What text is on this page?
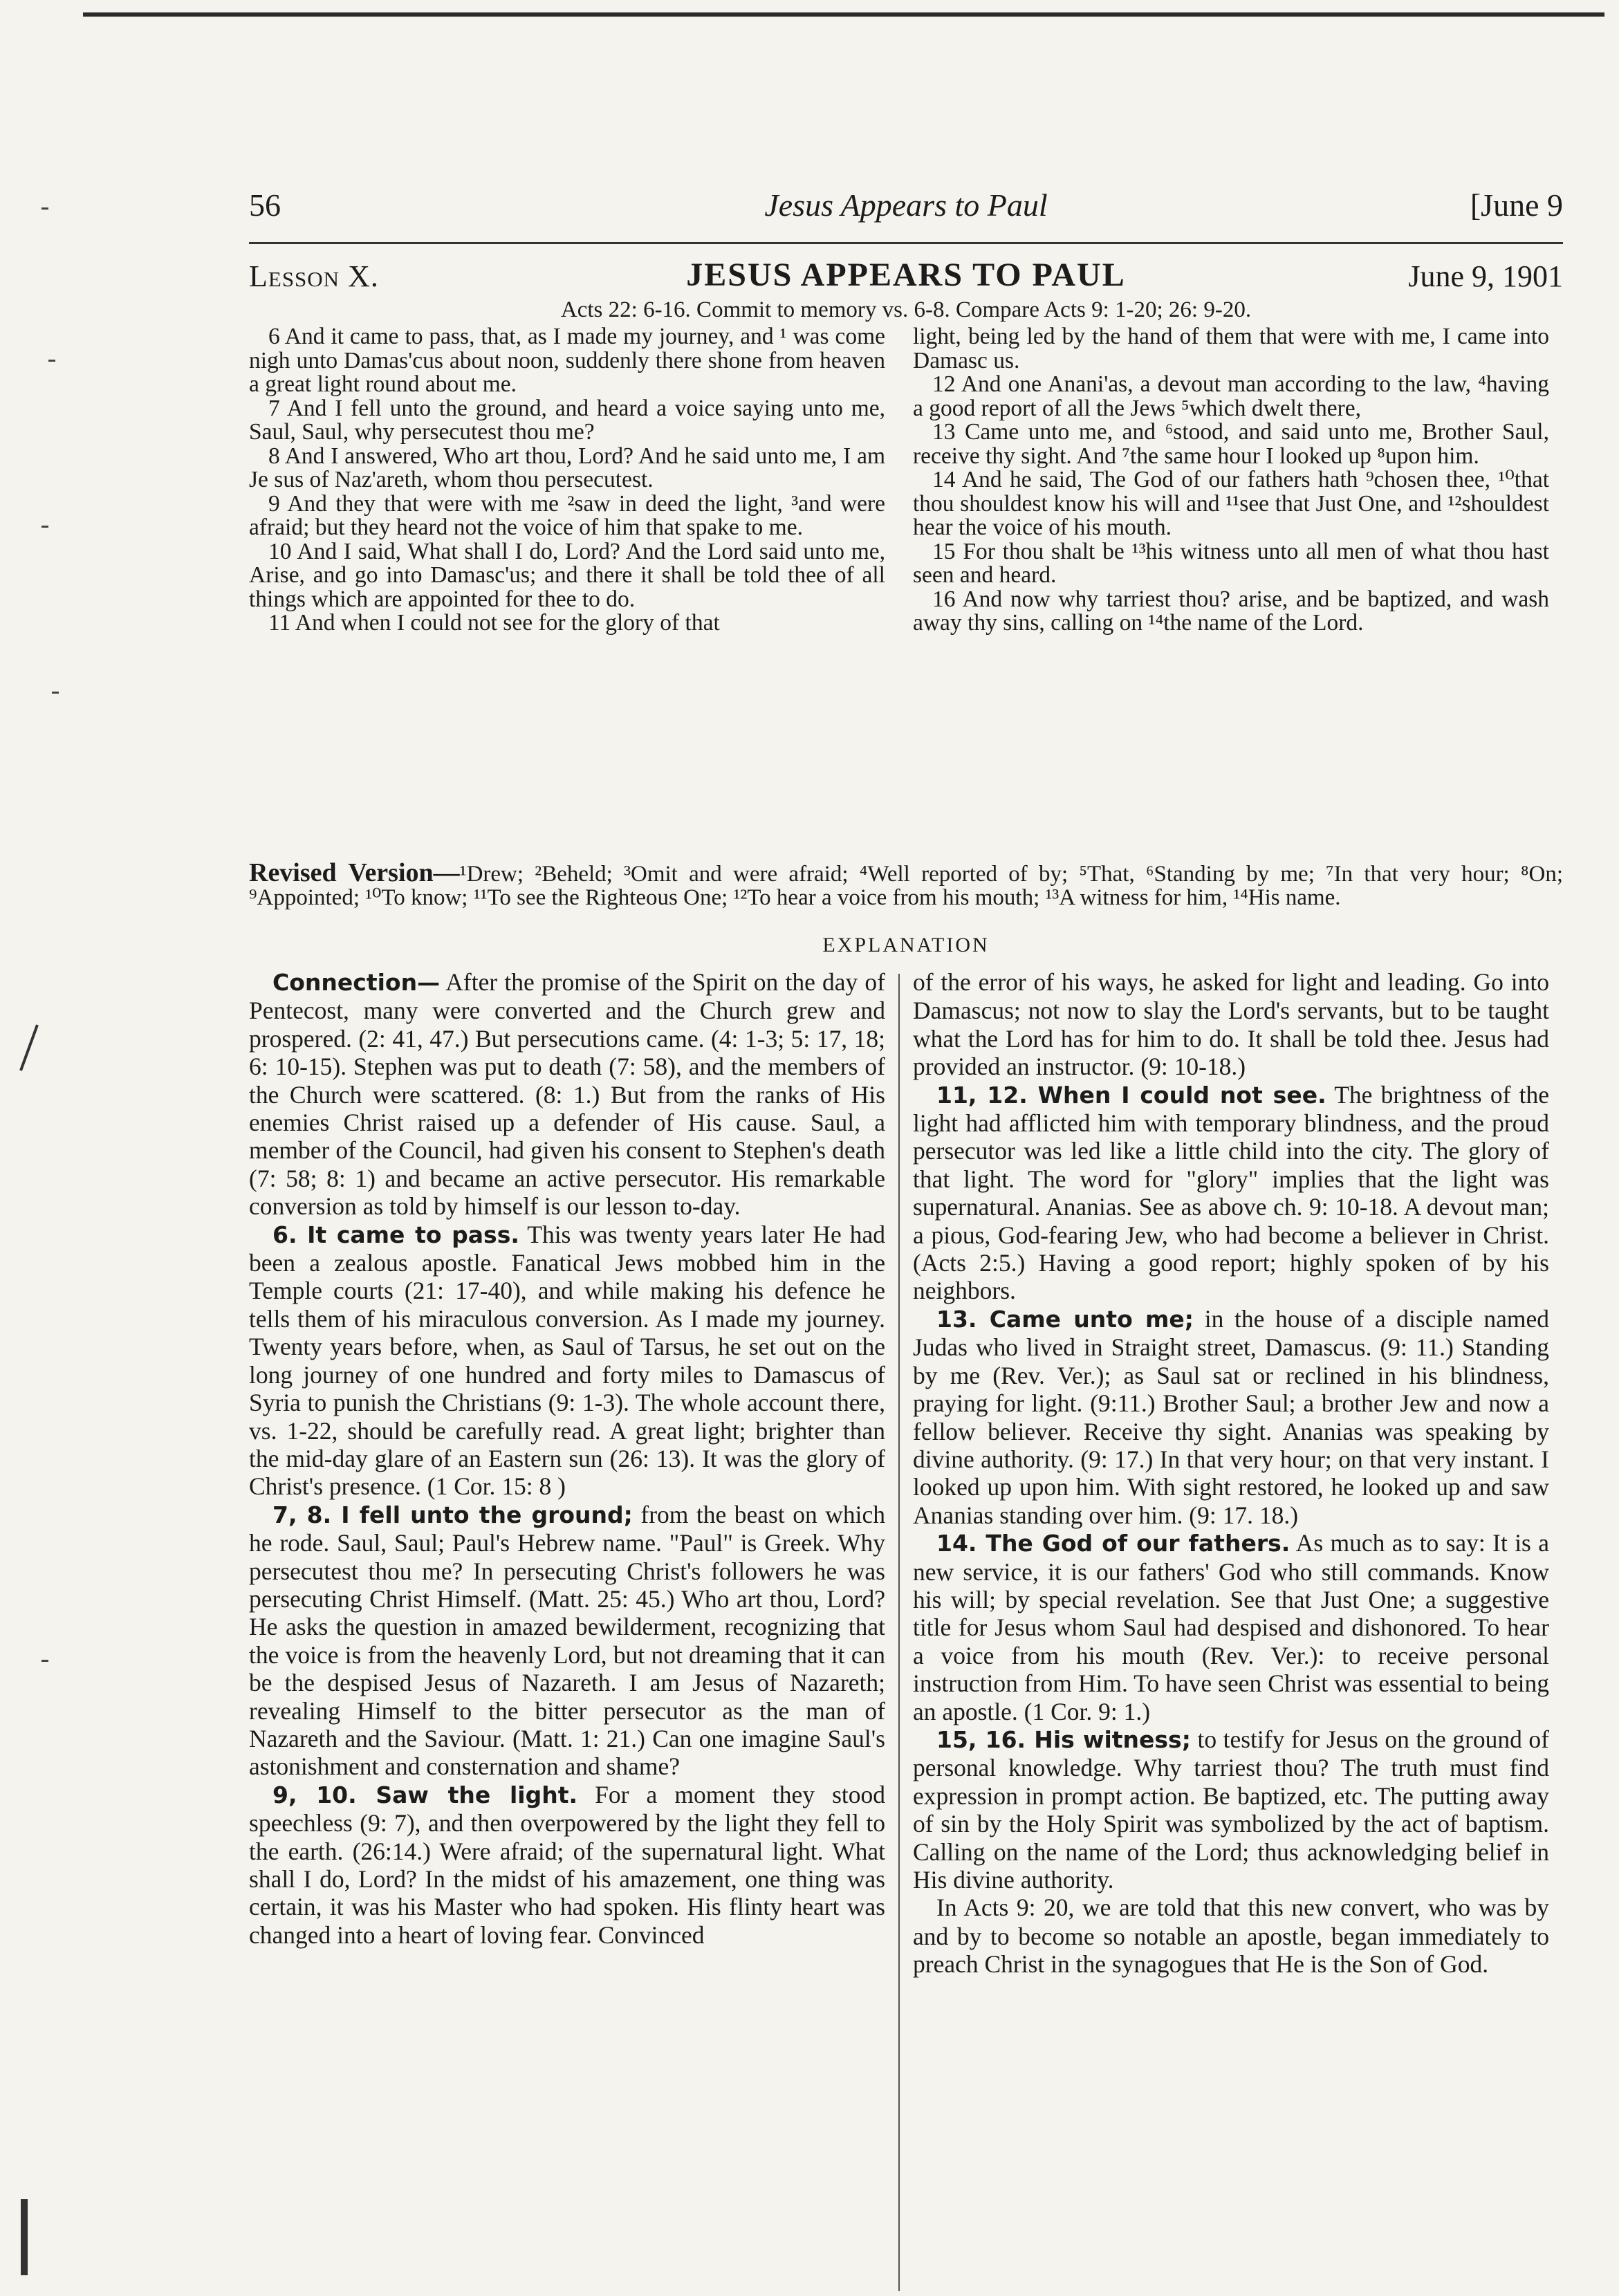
56	Jesus Appears to Paul	[June 9
Lesson X.	JESUS APPEARS TO PAUL	June 9, 1901
Acts 22: 6-16. Commit to memory vs. 6-8. Compare Acts 9: 1-20; 26: 9-20.

6 And it came to pass, that, as I made my journey, and ¹ was come nigh unto Damas'cus about noon, suddenly there shone from heaven a great light round about me.

7 And I fell unto the ground, and heard a voice saying unto me, Saul, Saul, why persecutest thou me?

8 And I answered, Who art thou, Lord? And he said unto me, I am Je sus of Naz'areth, whom thou persecutest.

9 And they that were with me ²saw in deed the light, ³and were afraid; but they heard not the voice of him that spake to me.

10 And I said, What shall I do, Lord? And the Lord said unto me, Arise, and go into Damasc'us; and there it shall be told thee of all things which are appointed for thee to do.

11 And when I could not see for the glory of that

light, being led by the hand of them that were with me, I came into Damasc us.

12 And one Anani'as, a devout man according to the law, ⁴having a good report of all the Jews ⁵which dwelt there,

13 Came unto me, and ⁶stood, and said unto me, Brother Saul, receive thy sight. And ⁷the same hour I looked up ⁸upon him.

14 And he said, The God of our fathers hath ⁹chosen thee, ¹⁰that thou shouldest know his will and ¹¹see that Just One, and ¹²shouldest hear the voice of his mouth.

15 For thou shalt be ¹³his witness unto all men of what thou hast seen and heard.

16 And now why tarriest thou? arise, and be baptized, and wash away thy sins, calling on ¹⁴the name of the Lord.

Revised Version—¹Drew; ²Beheld; ³Omit and were afraid; ⁴Well reported of by; ⁵That, ⁶Standing by me; ⁷In that very hour; ⁸On; ⁹Appointed; ¹⁰To know; ¹¹To see the Righteous One; ¹²To hear a voice from his mouth; ¹³A witness for him, ¹⁴His name.
EXPLANATION

Connection— After the promise of the Spirit on the day of Pentecost, many were converted and the Church grew and prospered. (2: 41, 47.) But persecutions came. (4: 1-3; 5: 17, 18; 6: 10-15). Stephen was put to death (7: 58), and the members of the Church were scattered. (8: 1.) But from the ranks of His enemies Christ raised up a defender of His cause. Saul, a member of the Council, had given his consent to Stephen's death (7: 58; 8: 1) and became an active persecutor. His remarkable conversion as told by himself is our lesson to-day.

6. It came to pass. This was twenty years later He had been a zealous apostle. Fanatical Jews mobbed him in the Temple courts (21: 17-40), and while making his defence he tells them of his miraculous conversion. As I made my journey. Twenty years before, when, as Saul of Tarsus, he set out on the long journey of one hundred and forty miles to Damascus of Syria to punish the Christians (9: 1-3). The whole account there, vs. 1-22, should be carefully read. A great light; brighter than the mid-day glare of an Eastern sun (26: 13). It was the glory of Christ's presence. (1 Cor. 15: 8 )

7, 8. I fell unto the ground; from the beast on which he rode. Saul, Saul; Paul's Hebrew name. "Paul" is Greek. Why persecutest thou me? In persecuting Christ's followers he was persecuting Christ Himself. (Matt. 25: 45.) Who art thou, Lord? He asks the question in amazed bewilderment, recognizing that the voice is from the heavenly Lord, but not dreaming that it can be the despised Jesus of Nazareth. I am Jesus of Nazareth; revealing Himself to the bitter persecutor as the man of Nazareth and the Saviour. (Matt. 1: 21.) Can one imagine Saul's astonishment and consternation and shame?

9, 10. Saw the light. For a moment they stood speechless (9: 7), and then overpowered by the light they fell to the earth. (26:14.) Were afraid; of the supernatural light. What shall I do, Lord? In the midst of his amazement, one thing was certain, it was his Master who had spoken. His flinty heart was changed into a heart of loving fear. Convinced

of the error of his ways, he asked for light and leading. Go into Damascus; not now to slay the Lord's servants, but to be taught what the Lord has for him to do. It shall be told thee. Jesus had provided an instructor. (9: 10-18.)

11, 12. When I could not see. The brightness of the light had afflicted him with temporary blindness, and the proud persecutor was led like a little child into the city. The glory of that light. The word for "glory" implies that the light was supernatural. Ananias. See as above ch. 9: 10-18. A devout man; a pious, God-fearing Jew, who had become a believer in Christ. (Acts 2:5.) Having a good report; highly spoken of by his neighbors.

13. Came unto me; in the house of a disciple named Judas who lived in Straight street, Damascus. (9: 11.) Standing by me (Rev. Ver.); as Saul sat or reclined in his blindness, praying for light. (9:11.) Brother Saul; a brother Jew and now a fellow believer. Receive thy sight. Ananias was speaking by divine authority. (9: 17.) In that very hour; on that very instant. I looked up upon him. With sight restored, he looked up and saw Ananias standing over him. (9: 17. 18.)

14. The God of our fathers. As much as to say: It is a new service, it is our fathers' God who still commands. Know his will; by special revelation. See that Just One; a suggestive title for Jesus whom Saul had despised and dishonored. To hear a voice from his mouth (Rev. Ver.): to receive personal instruction from Him. To have seen Christ was essential to being an apostle. (1 Cor. 9: 1.)

15, 16. His witness; to testify for Jesus on the ground of personal knowledge. Why tarriest thou? The truth must find expression in prompt action. Be baptized, etc. The putting away of sin by the Holy Spirit was symbolized by the act of baptism. Calling on the name of the Lord; thus acknowledging belief in His divine authority.

In Acts 9: 20, we are told that this new convert, who was by and by to become so notable an apostle, began immediately to preach Christ in the synagogues that He is the Son of God.
